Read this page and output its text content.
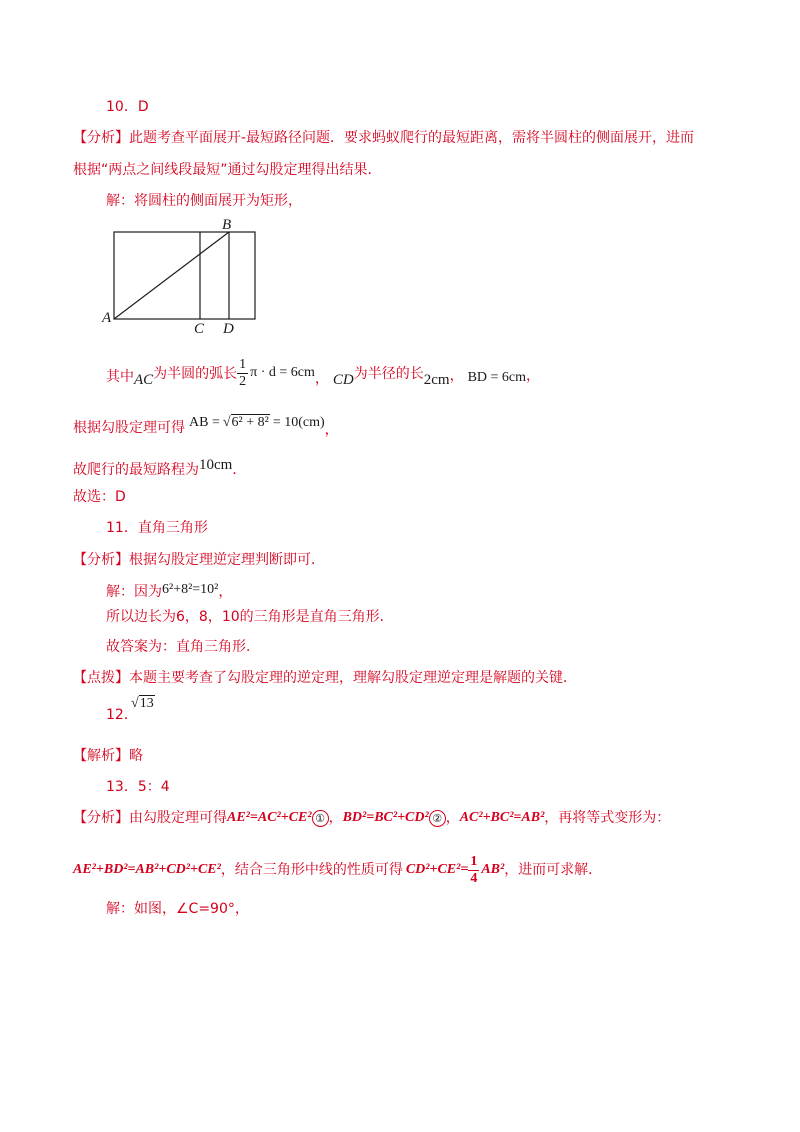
10．D
【分析】此题考查平面展开-最短路径问题．要求蚂蚁爬行的最短距离，需将半圆柱的侧面展开，进而
根据“两点之间线段最短”通过勾股定理得出结果．
解：将圆柱的侧面展开为矩形，
A
B
C D
其中 AC 为半圆的弧长 $\frac{1}{2}$ π · d = 6cm ， CD 为半径的长 2cm ， BD = 6cm ，
根据勾股定理可得 AB = √6² + 8² = 10(cm) ，
故爬行的最短路程为 10cm ．
故选：D
11．直角三角形
【分析】根据勾股定理逆定理判断即可．
解：因为 6²+8²=10² ，
所以边长为6，8，10的三角形是直角三角形．
故答案为：直角三角形．
【点拨】本题主要考查了勾股定理的逆定理，理解勾股定理逆定理是解题的关键．
12．
√13
【解析】略
13．5：4
【分析】 由勾股定理可得 AE²=AC²+CE² ① ， BD²=BC²+CD² ② ， AC²+BC²=AB² ，再将等式变形为：
AE²+BD²=AB²+CD²+CE² ，结合三角形中线的性质可得 $CD^2+CE^2= \frac{1}{4} AB^2$ ，进而可求解．
解：如图，∠C=90°，
